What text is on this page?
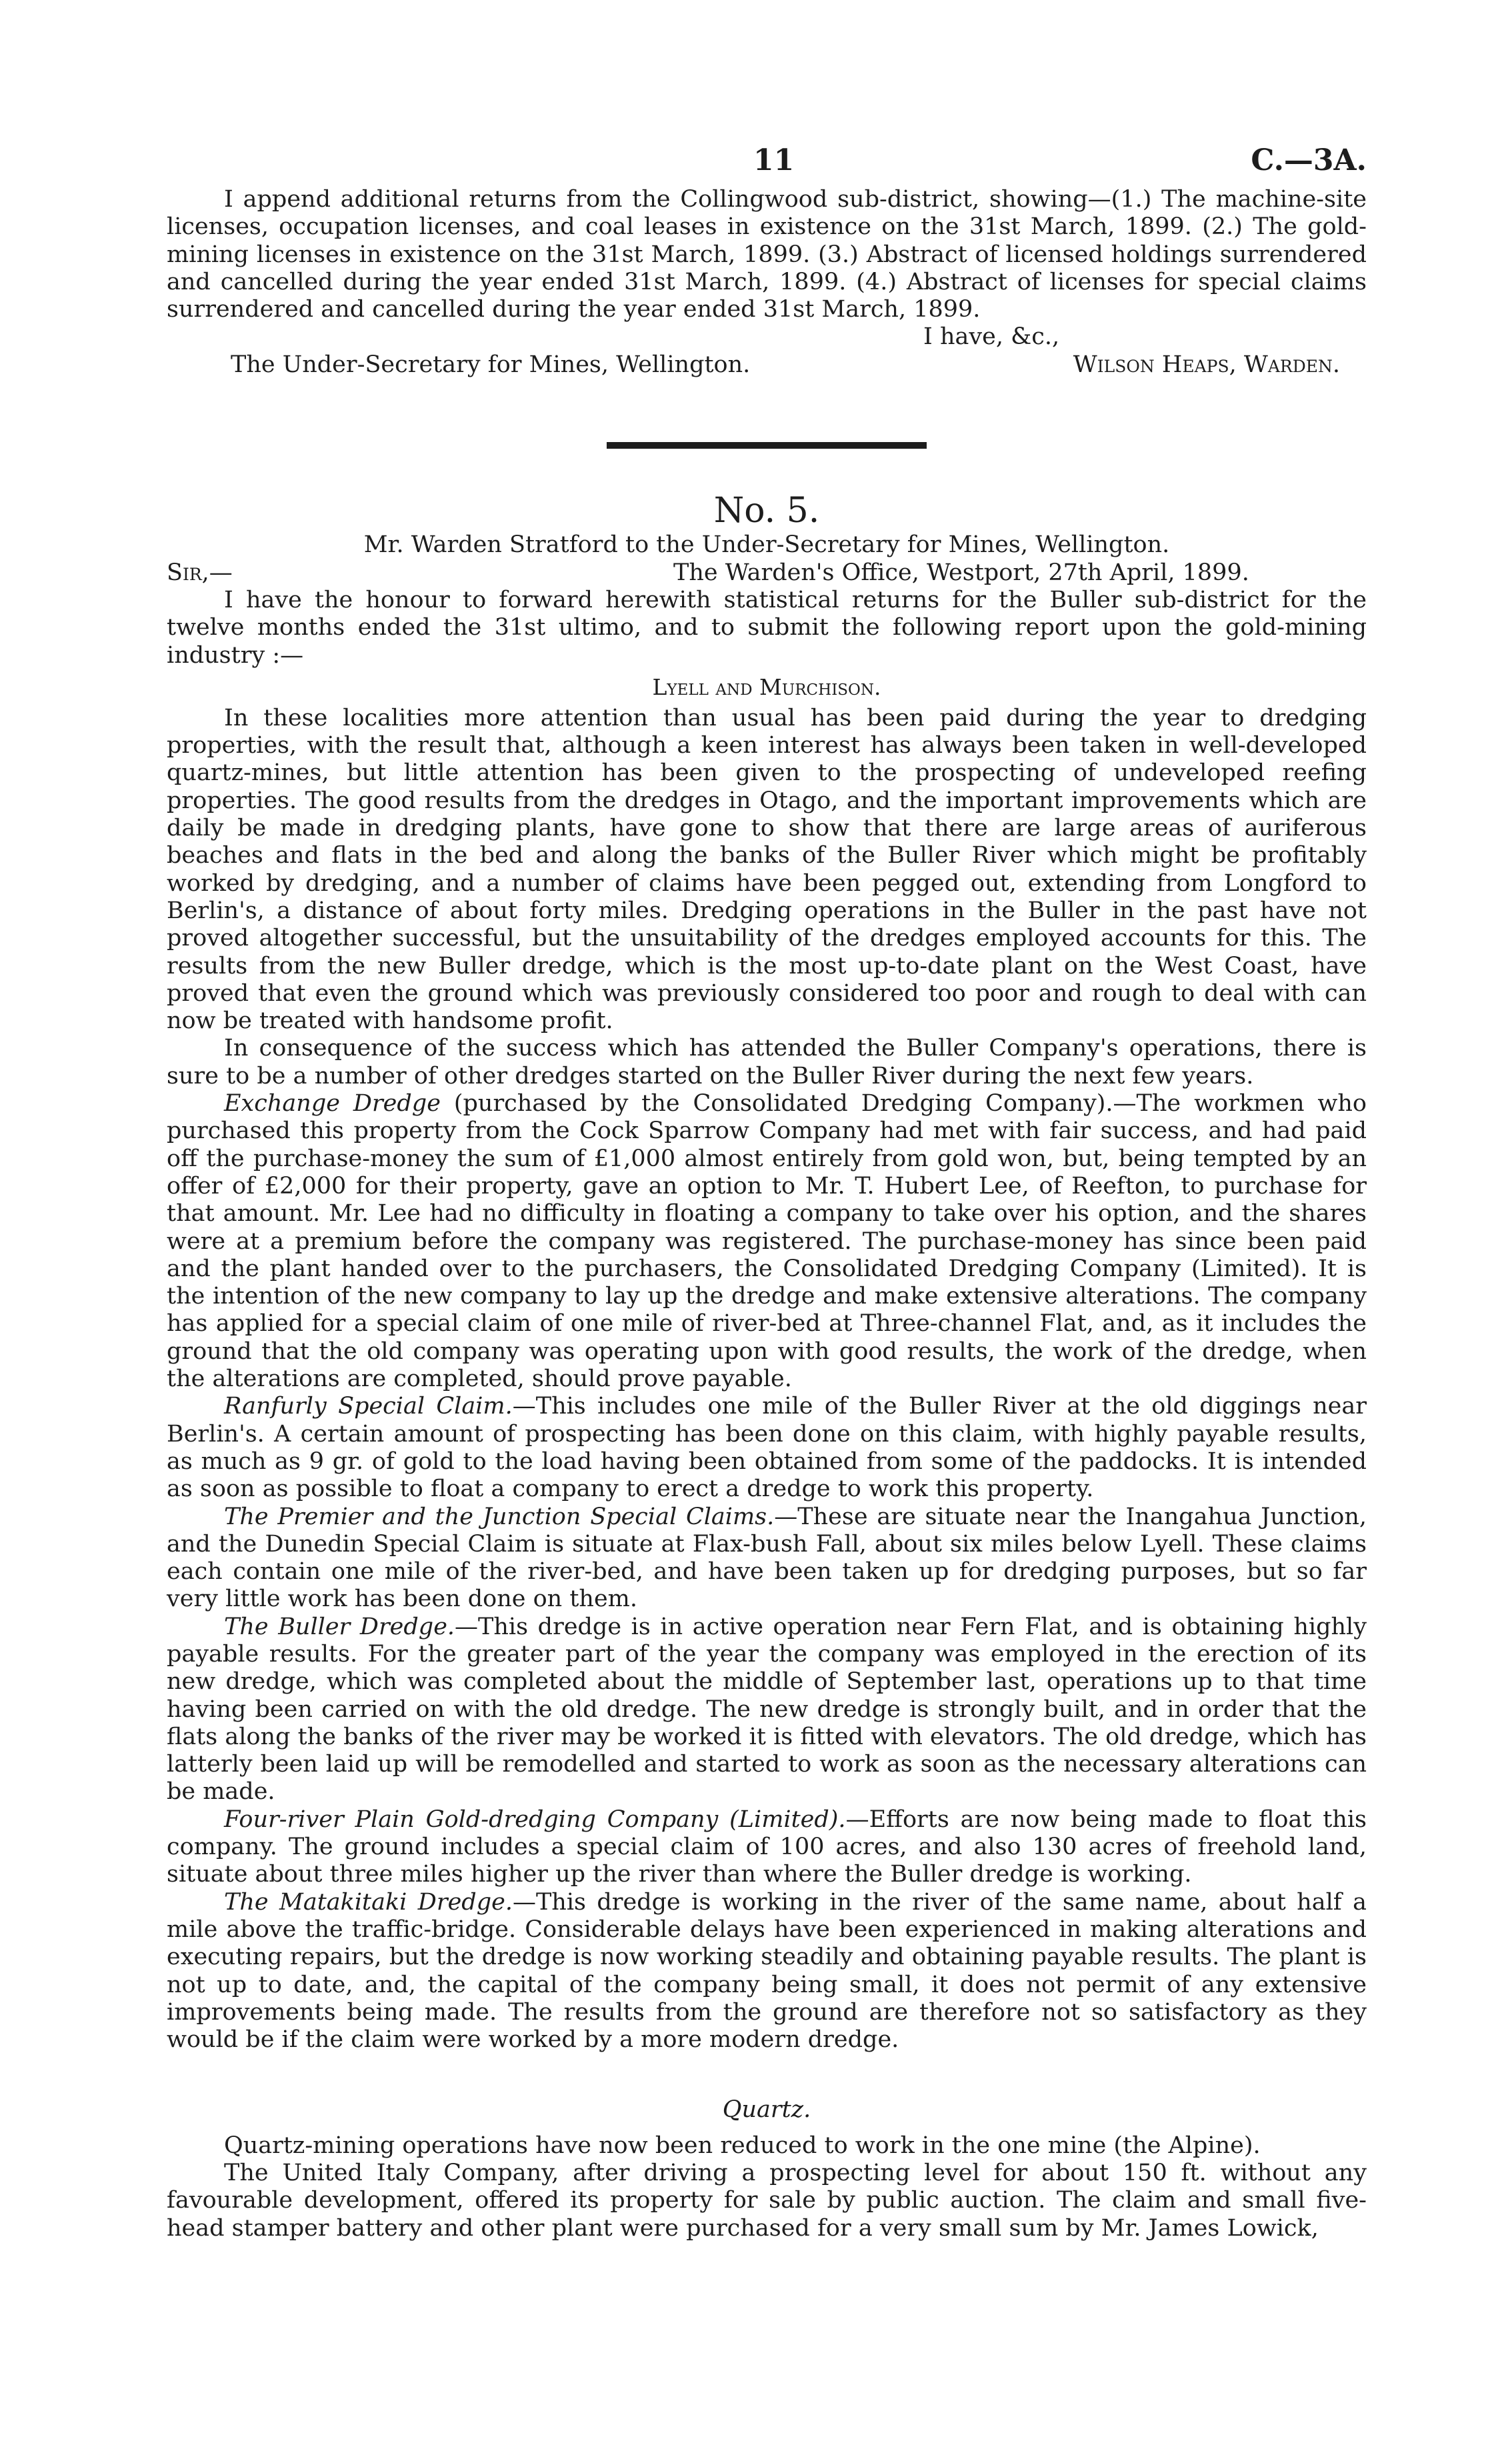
11	C.—3A.

I append additional returns from the Collingwood sub-district, showing—(1.) The machine-site licenses, occupation licenses, and coal leases in existence on the 31st March, 1899. (2.) The gold-mining licenses in existence on the 31st March, 1899. (3.) Abstract of licensed holdings surrendered and cancelled during the year ended 31st March, 1899. (4.) Abstract of licenses for special claims surrendered and cancelled during the year ended 31st March, 1899.

I have, &c.,
The Under-Secretary for Mines, Wellington.	Wilson Heaps, Warden.
No. 5.
Mr. Warden Stratford to the Under-Secretary for Mines, Wellington.
Sir,—	The Warden's Office, Westport, 27th April, 1899.

I have the honour to forward herewith statistical returns for the Buller sub-district for the twelve months ended the 31st ultimo, and to submit the following report upon the gold-mining industry :—

Lyell and Murchison.

In these localities more attention than usual has been paid during the year to dredging properties, with the result that, although a keen interest has always been taken in well-developed quartz-mines, but little attention has been given to the prospecting of undeveloped reefing properties. The good results from the dredges in Otago, and the important improvements which are daily be made in dredging plants, have gone to show that there are large areas of auriferous beaches and flats in the bed and along the banks of the Buller River which might be profitably worked by dredging, and a number of claims have been pegged out, extending from Longford to Berlin's, a distance of about forty miles. Dredging operations in the Buller in the past have not proved altogether successful, but the unsuitability of the dredges employed accounts for this. The results from the new Buller dredge, which is the most up-to-date plant on the West Coast, have proved that even the ground which was previously considered too poor and rough to deal with can now be treated with handsome profit.

In consequence of the success which has attended the Buller Company's operations, there is sure to be a number of other dredges started on the Buller River during the next few years.

Exchange Dredge (purchased by the Consolidated Dredging Company).—The workmen who purchased this property from the Cock Sparrow Company had met with fair success, and had paid off the purchase-money the sum of £1,000 almost entirely from gold won, but, being tempted by an offer of £2,000 for their property, gave an option to Mr. T. Hubert Lee, of Reefton, to purchase for that amount. Mr. Lee had no difficulty in floating a company to take over his option, and the shares were at a premium before the company was registered. The purchase-money has since been paid and the plant handed over to the purchasers, the Consolidated Dredging Company (Limited). It is the intention of the new company to lay up the dredge and make extensive alterations. The company has applied for a special claim of one mile of river-bed at Three-channel Flat, and, as it includes the ground that the old company was operating upon with good results, the work of the dredge, when the alterations are completed, should prove payable.

Ranfurly Special Claim.—This includes one mile of the Buller River at the old diggings near Berlin's. A certain amount of prospecting has been done on this claim, with highly payable results, as much as 9 gr. of gold to the load having been obtained from some of the paddocks. It is intended as soon as possible to float a company to erect a dredge to work this property.

The Premier and the Junction Special Claims.—These are situate near the Inangahua Junction, and the Dunedin Special Claim is situate at Flax-bush Fall, about six miles below Lyell. These claims each contain one mile of the river-bed, and have been taken up for dredging purposes, but so far very little work has been done on them.

The Buller Dredge.—This dredge is in active operation near Fern Flat, and is obtaining highly payable results. For the greater part of the year the company was employed in the erection of its new dredge, which was completed about the middle of September last, operations up to that time having been carried on with the old dredge. The new dredge is strongly built, and in order that the flats along the banks of the river may be worked it is fitted with elevators. The old dredge, which has latterly been laid up will be remodelled and started to work as soon as the necessary alterations can be made.

Four-river Plain Gold-dredging Company (Limited).—Efforts are now being made to float this company. The ground includes a special claim of 100 acres, and also 130 acres of freehold land, situate about three miles higher up the river than where the Buller dredge is working.

The Matakitaki Dredge.—This dredge is working in the river of the same name, about half a mile above the traffic-bridge. Considerable delays have been experienced in making alterations and executing repairs, but the dredge is now working steadily and obtaining payable results. The plant is not up to date, and, the capital of the company being small, it does not permit of any extensive improvements being made. The results from the ground are therefore not so satisfactory as they would be if the claim were worked by a more modern dredge.

Quartz.

Quartz-mining operations have now been reduced to work in the one mine (the Alpine).

The United Italy Company, after driving a prospecting level for about 150 ft. without any favourable development, offered its property for sale by public auction. The claim and small five-head stamper battery and other plant were purchased for a very small sum by Mr. James Lowick,
